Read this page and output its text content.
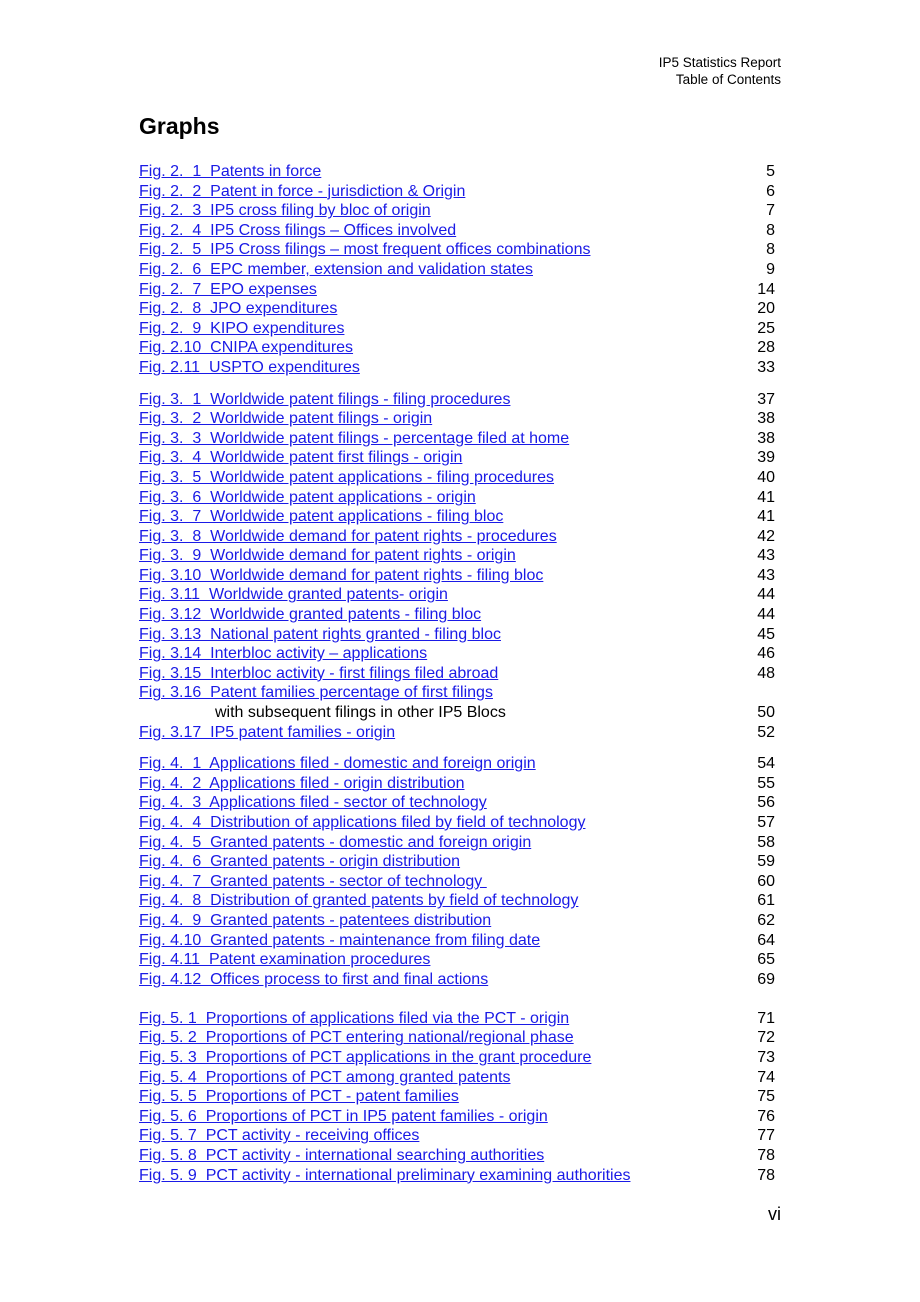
IP5 Statistics Report
Table of Contents
Graphs
Fig. 2.  1  Patents in force	5
Fig. 2.  2  Patent in force - jurisdiction & Origin	6
Fig. 2.  3  IP5 cross filing by bloc of origin	7
Fig. 2.  4  IP5 Cross filings – Offices involved	8
Fig. 2.  5  IP5 Cross filings – most frequent offices combinations	8
Fig. 2.  6  EPC member, extension and validation states	9
Fig. 2.  7  EPO expenses	14
Fig. 2.  8  JPO expenditures	20
Fig. 2.  9  KIPO expenditures	25
Fig. 2.10  CNIPA expenditures	28
Fig. 2.11  USPTO expenditures	33
Fig. 3.  1  Worldwide patent filings - filing procedures	37
Fig. 3.  2  Worldwide patent filings - origin	38
Fig. 3.  3  Worldwide patent filings - percentage filed at home	38
Fig. 3.  4  Worldwide patent first filings - origin	39
Fig. 3.  5  Worldwide patent applications - filing procedures	40
Fig. 3.  6  Worldwide patent applications - origin	41
Fig. 3.  7  Worldwide patent applications - filing bloc	41
Fig. 3.  8  Worldwide demand for patent rights - procedures	42
Fig. 3.  9  Worldwide demand for patent rights - origin	43
Fig. 3.10  Worldwide demand for patent rights - filing bloc	43
Fig. 3.11  Worldwide granted patents- origin	44
Fig. 3.12  Worldwide granted patents - filing bloc	44
Fig. 3.13  National patent rights granted - filing bloc	45
Fig. 3.14  Interbloc activity – applications	46
Fig. 3.15  Interbloc activity - first filings filed abroad	48
Fig. 3.16  Patent families percentage of first filings
with subsequent filings in other IP5 Blocs	50
Fig. 3.17  IP5 patent families - origin	52
Fig. 4.  1  Applications filed - domestic and foreign origin	54
Fig. 4.  2  Applications filed - origin distribution	55
Fig. 4.  3  Applications filed - sector of technology	56
Fig. 4.  4  Distribution of applications filed by field of technology	57
Fig. 4.  5  Granted patents - domestic and foreign origin	58
Fig. 4.  6  Granted patents - origin distribution	59
Fig. 4.  7  Granted patents - sector of technology	60
Fig. 4.  8  Distribution of granted patents by field of technology	61
Fig. 4.  9  Granted patents - patentees distribution	62
Fig. 4.10  Granted patents - maintenance from filing date	64
Fig. 4.11  Patent examination procedures	65
Fig. 4.12  Offices process to first and final actions	69
Fig. 5. 1  Proportions of applications filed via the PCT - origin	71
Fig. 5. 2  Proportions of PCT entering national/regional phase	72
Fig. 5. 3  Proportions of PCT applications in the grant procedure	73
Fig. 5. 4  Proportions of PCT among granted patents	74
Fig. 5. 5  Proportions of PCT - patent families	75
Fig. 5. 6  Proportions of PCT in IP5 patent families - origin	76
Fig. 5. 7  PCT activity - receiving offices	77
Fig. 5. 8  PCT activity - international searching authorities	78
Fig. 5. 9  PCT activity - international preliminary examining authorities	78
vi
